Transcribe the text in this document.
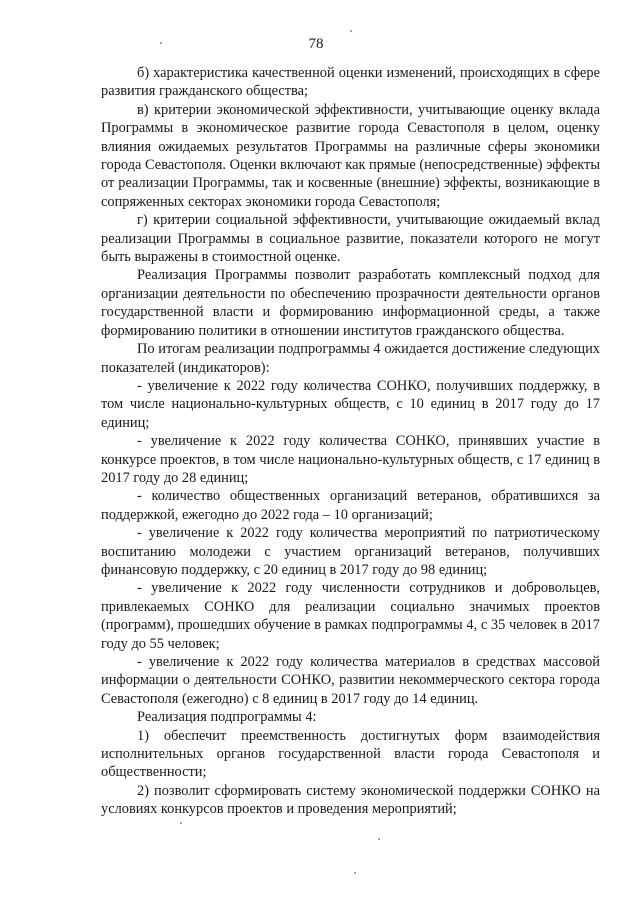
78

б) характеристика качественной оценки изменений, происходящих в сфере развития гражданского общества;

в) критерии экономической эффективности, учитывающие оценку вклада Программы в экономическое развитие города Севастополя в целом, оценку влияния ожидаемых результатов Программы на различные сферы экономики города Севастополя. Оценки включают как прямые (непосредственные) эффекты от реализации Программы, так и косвенные (внешние) эффекты, возникающие в сопряженных секторах экономики города Севастополя;

г) критерии социальной эффективности, учитывающие ожидаемый вклад реализации Программы в социальное развитие, показатели которого не могут быть выражены в стоимостной оценке.

Реализация Программы позволит разработать комплексный подход для организации деятельности по обеспечению прозрачности деятельности органов государственной власти и формированию информационной среды, а также формированию политики в отношении институтов гражданского общества.

По итогам реализации подпрограммы 4 ожидается достижение следующих показателей (индикаторов):

- увеличение к 2022 году количества СОНКО, получивших поддержку, в том числе национально-культурных обществ, с 10 единиц в 2017 году до 17 единиц;

- увеличение к 2022 году количества СОНКО, принявших участие в конкурсе проектов, в том числе национально-культурных обществ, с 17 единиц в 2017 году до 28 единиц;

- количество общественных организаций ветеранов, обратившихся за поддержкой, ежегодно до 2022 года – 10 организаций;

- увеличение к 2022 году количества мероприятий по патриотическому воспитанию молодежи с участием организаций ветеранов, получивших финансовую поддержку, с 20 единиц в 2017 году до 98 единиц;

- увеличение к 2022 году численности сотрудников и добровольцев, привлекаемых СОНКО для реализации социально значимых проектов (программ), прошедших обучение в рамках подпрограммы 4, с 35 человек в 2017 году до 55 человек;

- увеличение к 2022 году количества материалов в средствах массовой информации о деятельности СОНКО, развитии некоммерческого сектора города Севастополя (ежегодно) с 8 единиц в 2017 году до 14 единиц.

Реализация подпрограммы 4:

1) обеспечит преемственность достигнутых форм взаимодействия исполнительных органов государственной власти города Севастополя и общественности;

2) позволит сформировать систему экономической поддержки СОНКО на условиях конкурсов проектов и проведения мероприятий;
